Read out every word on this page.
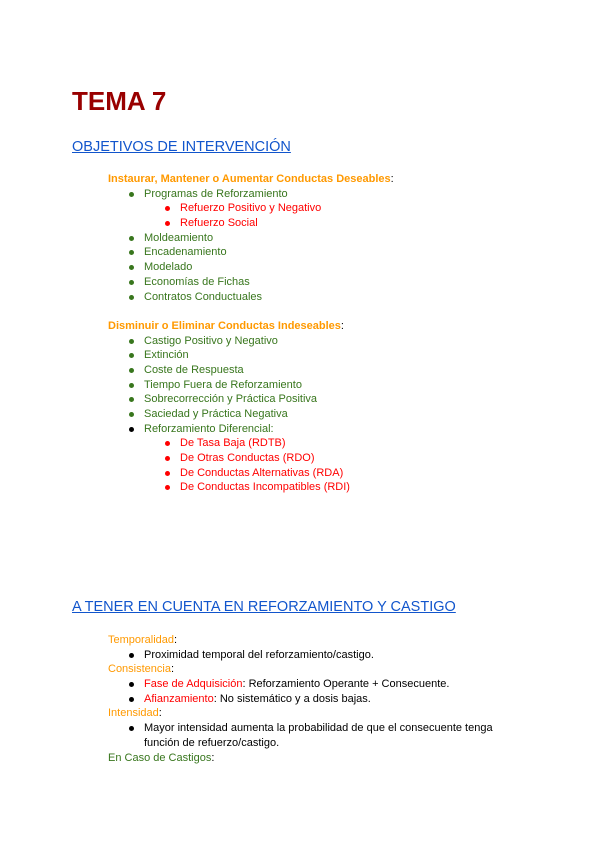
TEMA 7
OBJETIVOS DE INTERVENCIÓN
Instaurar, Mantener o Aumentar Conductas Deseables:
Programas de Reforzamiento
Refuerzo Positivo y Negativo
Refuerzo Social
Moldeamiento
Encadenamiento
Modelado
Economías de Fichas
Contratos Conductuales
Disminuir o Eliminar Conductas Indeseables:
Castigo Positivo y Negativo
Extinción
Coste de Respuesta
Tiempo Fuera de Reforzamiento
Sobrecorrección y Práctica Positiva
Saciedad y Práctica Negativa
Reforzamiento Diferencial:
De Tasa Baja (RDTB)
De Otras Conductas (RDO)
De Conductas Alternativas (RDA)
De Conductas Incompatibles (RDI)
A TENER EN CUENTA EN REFORZAMIENTO Y CASTIGO
Temporalidad:
Proximidad temporal del reforzamiento/castigo.
Consistencia:
Fase de Adquisición: Reforzamiento Operante + Consecuente.
Afianzamiento: No sistemático y a dosis bajas.
Intensidad:
Mayor intensidad aumenta la probabilidad de que el consecuente tenga función de refuerzo/castigo.
En Caso de Castigos:
